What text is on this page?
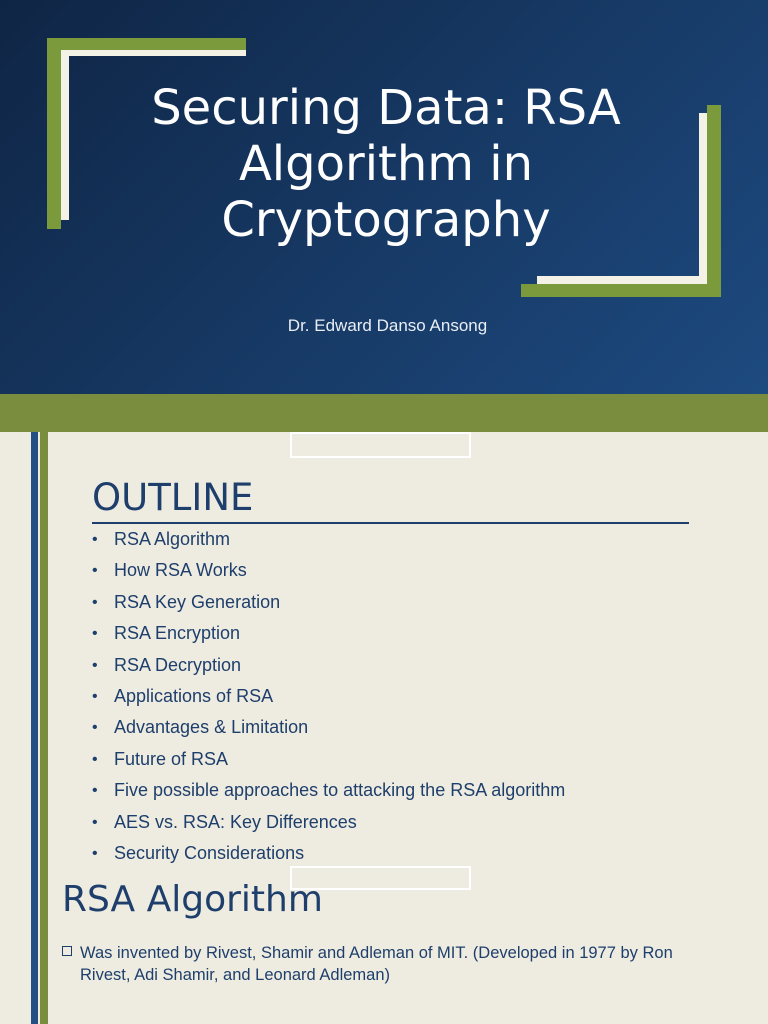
Securing Data: RSA Algorithm in Cryptography
Dr. Edward Danso Ansong
OUTLINE
• RSA Algorithm
• How RSA Works
• RSA Key Generation
• RSA Encryption
• RSA Decryption
• Applications of RSA
• Advantages & Limitation
• Future of RSA
• Five possible approaches to attacking the RSA algorithm
• AES vs. RSA: Key Differences
• Security Considerations
RSA Algorithm
Was invented by Rivest, Shamir and Adleman of MIT. (Developed in 1977 by Ron Rivest, Adi Shamir, and Leonard Adleman)
